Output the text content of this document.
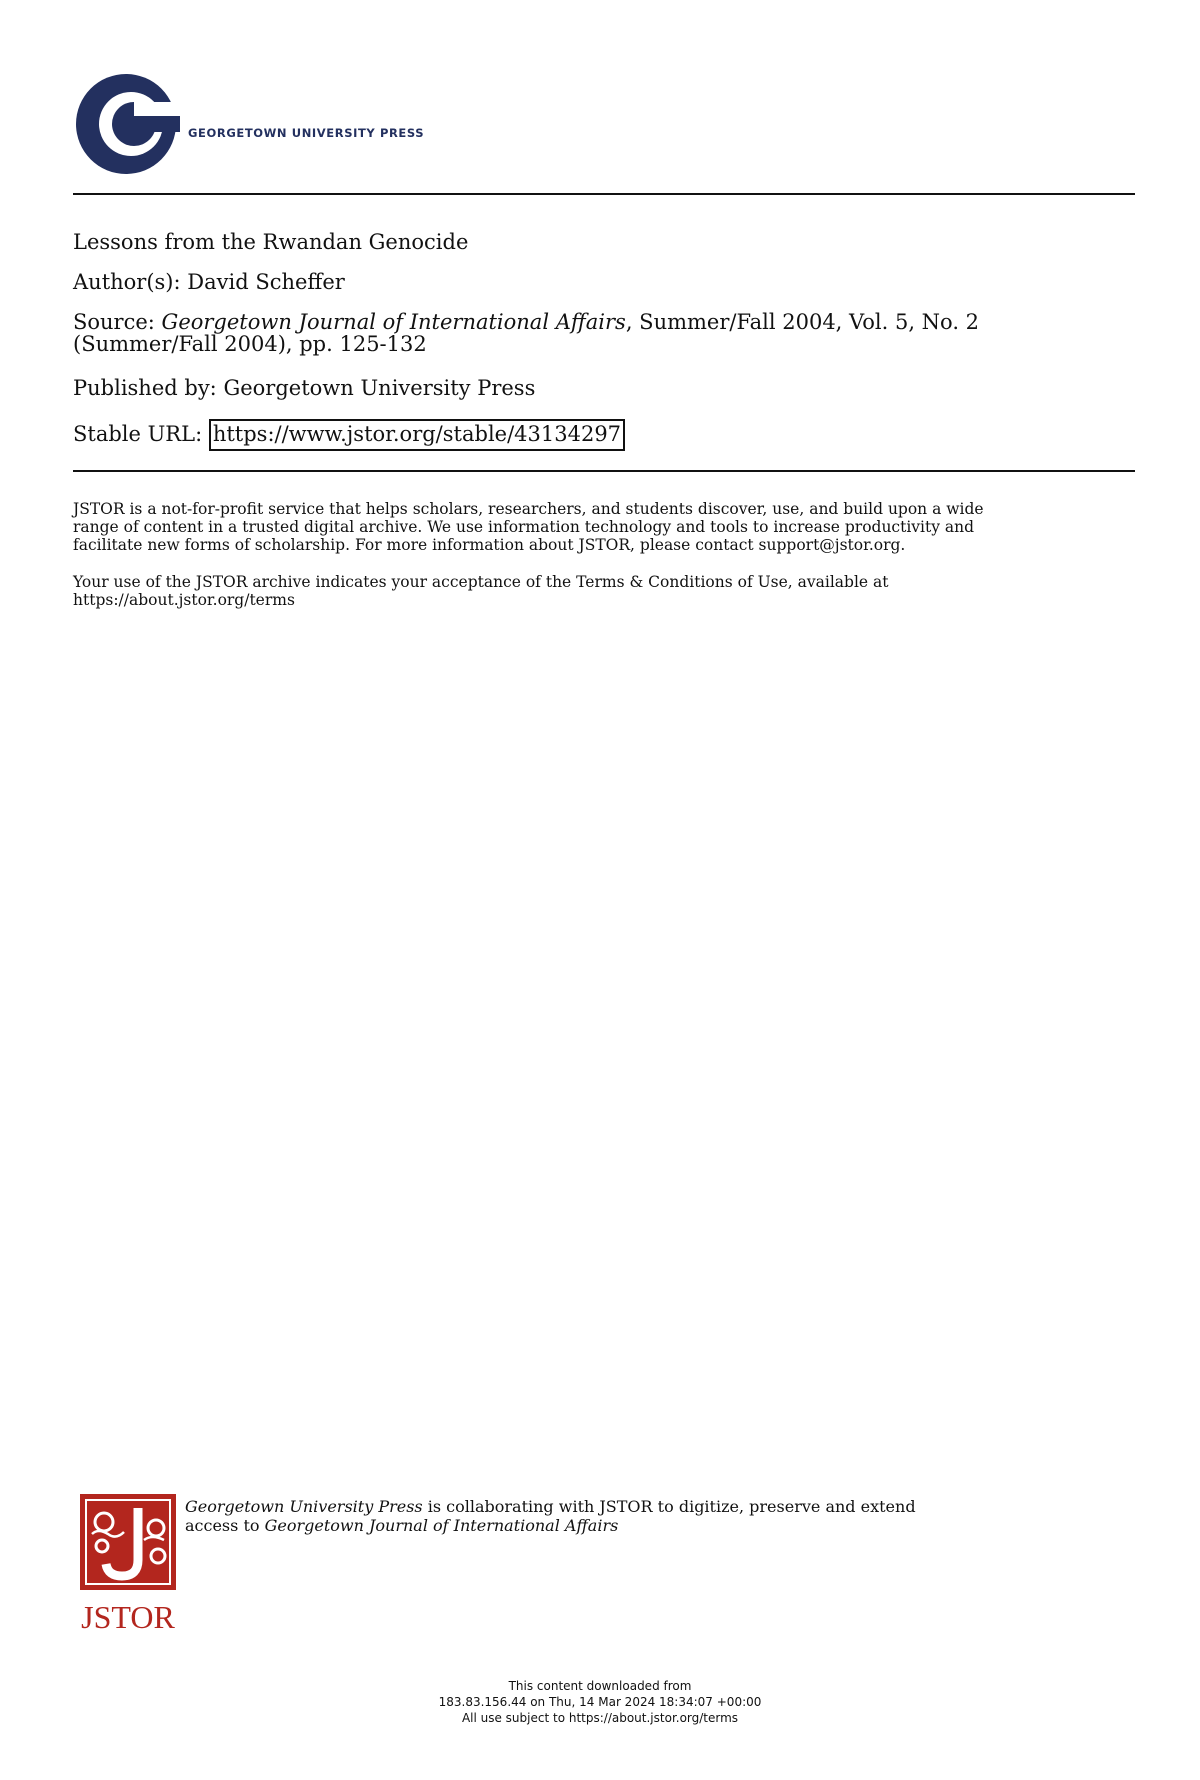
GEORGETOWN UNIVERSITY PRESS
Lessons from the Rwandan Genocide
Author(s): David Scheffer
Source: Georgetown Journal of International Affairs, Summer/Fall 2004, Vol. 5, No. 2
(Summer/Fall 2004), pp. 125-132
Published by: Georgetown University Press
Stable URL: https://www.jstor.org/stable/43134297
JSTOR is a not-for-profit service that helps scholars, researchers, and students discover, use, and build upon a wide
range of content in a trusted digital archive. We use information technology and tools to increase productivity and
facilitate new forms of scholarship. For more information about JSTOR, please contact support@jstor.org.
Your use of the JSTOR archive indicates your acceptance of the Terms & Conditions of Use, available at
https://about.jstor.org/terms
JSTOR
Georgetown University Press is collaborating with JSTOR to digitize, preserve and extend
access to Georgetown Journal of International Affairs
This content downloaded from
183.83.156.44 on Thu, 14 Mar 2024 18:34:07 +00:00
All use subject to https://about.jstor.org/terms
